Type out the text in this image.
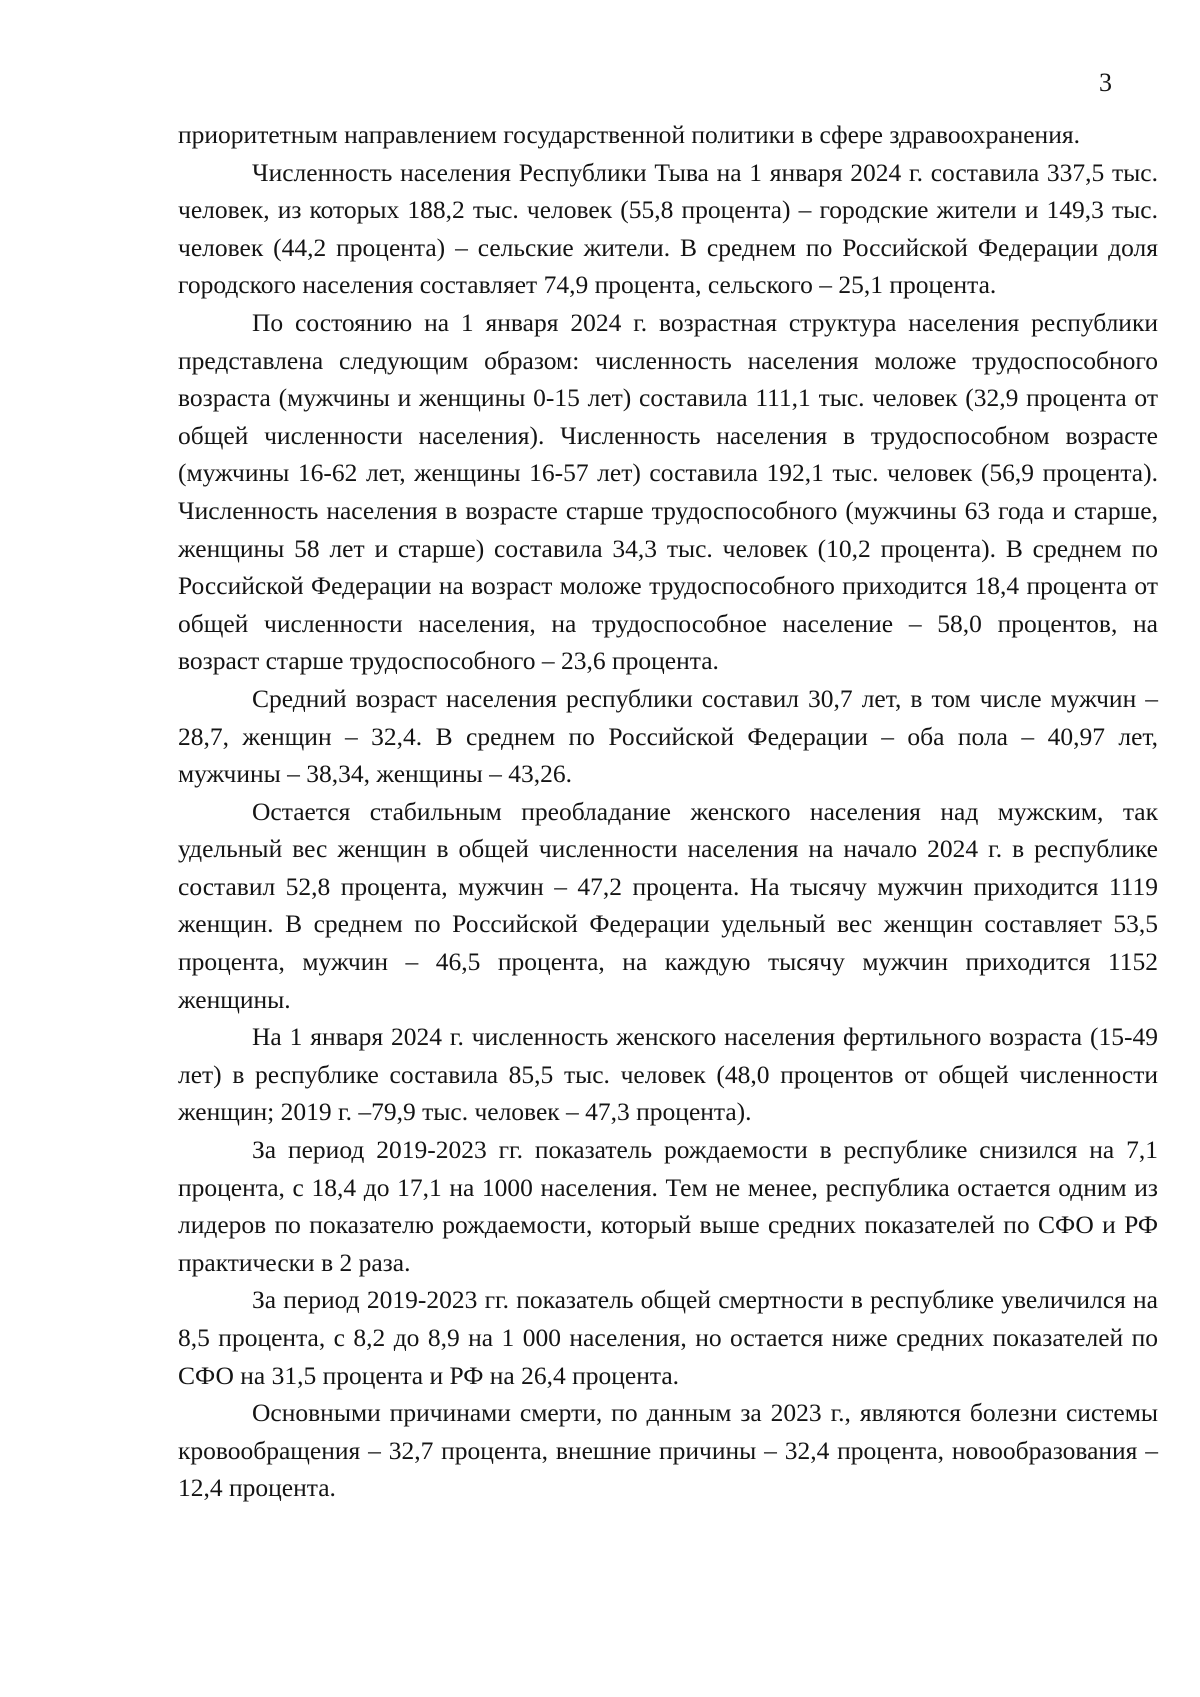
3

приоритетным направлением государственной политики в сфере здравоохранения.

Численность населения Республики Тыва на 1 января 2024 г. составила 337,5 тыс. человек, из которых 188,2 тыс. человек (55,8 процента) – городские жители и 149,3 тыс. человек (44,2 процента) – сельские жители. В среднем по Российской Федерации доля городского населения составляет 74,9 процента, сельского – 25,1 процента.

По состоянию на 1 января 2024 г. возрастная структура населения республики представлена следующим образом: численность населения моложе трудоспособного возраста (мужчины и женщины 0-15 лет) составила 111,1 тыс. человек (32,9 процента от общей численности населения). Численность населения в трудоспособном возрасте (мужчины 16-62 лет, женщины 16-57 лет) составила 192,1 тыс. человек (56,9 процента). Численность населения в возрасте старше трудоспособного (мужчины 63 года и старше, женщины 58 лет и старше) составила 34,3 тыс. человек (10,2 процента). В среднем по Российской Федерации на возраст моложе трудоспособного приходится 18,4 процента от общей численности населения, на трудоспособное население – 58,0 процентов, на возраст старше трудоспособного – 23,6 процента.

Средний возраст населения республики составил 30,7 лет, в том числе мужчин – 28,7, женщин – 32,4. В среднем по Российской Федерации – оба пола – 40,97 лет, мужчины – 38,34, женщины – 43,26.

Остается стабильным преобладание женского населения над мужским, так удельный вес женщин в общей численности населения на начало 2024 г. в республике составил 52,8 процента, мужчин – 47,2 процента. На тысячу мужчин приходится 1119 женщин. В среднем по Российской Федерации удельный вес женщин составляет 53,5 процента, мужчин – 46,5 процента, на каждую тысячу мужчин приходится 1152 женщины.

На 1 января 2024 г. численность женского населения фертильного возраста (15-49 лет) в республике составила 85,5 тыс. человек (48,0 процентов от общей численности женщин; 2019 г. –79,9 тыс. человек – 47,3 процента).

За период 2019-2023 гг. показатель рождаемости в республике снизился на 7,1 процента, с 18,4 до 17,1 на 1000 населения. Тем не менее, республика остается одним из лидеров по показателю рождаемости, который выше средних показателей по СФО и РФ практически в 2 раза.

За период 2019-2023 гг. показатель общей смертности в республике увеличился на 8,5 процента, с 8,2 до 8,9 на 1 000 населения, но остается ниже средних показателей по СФО на 31,5 процента и РФ на 26,4 процента.

Основными причинами смерти, по данным за 2023 г., являются болезни системы кровообращения – 32,7 процента, внешние причины – 32,4 процента, новообразования – 12,4 процента.
